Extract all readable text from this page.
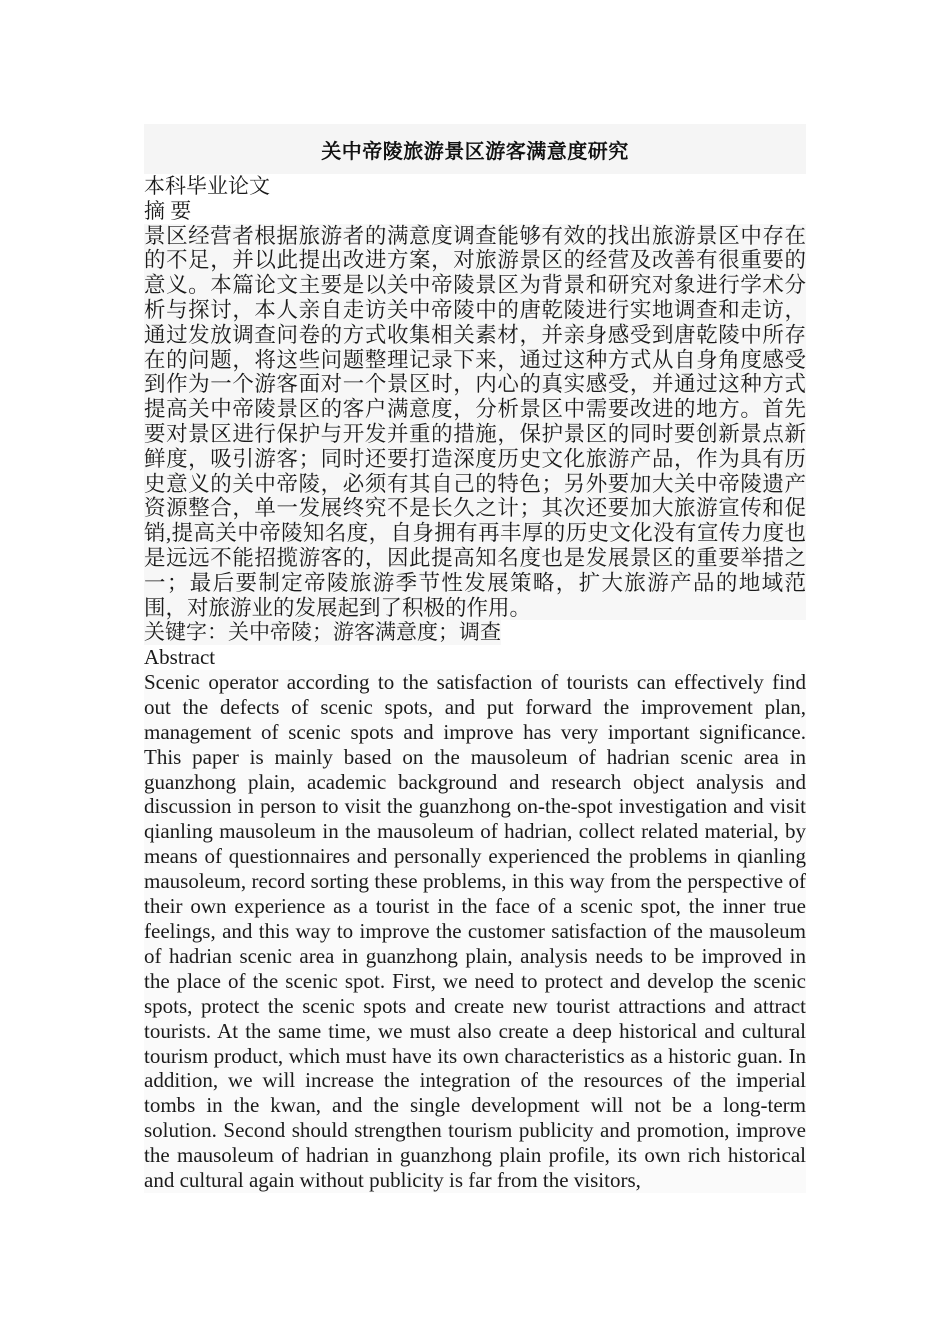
关中帝陵旅游景区游客满意度研究

本科毕业论文

摘 要

景区经营者根据旅游者的满意度调查能够有效的找出旅游景区中存在的不足，并以此提出改进方案，对旅游景区的经营及改善有很重要的意义。本篇论文主要是以关中帝陵景区为背景和研究对象进行学术分析与探讨，本人亲自走访关中帝陵中的唐乾陵进行实地调查和走访，通过发放调查问卷的方式收集相关素材，并亲身感受到唐乾陵中所存在的问题，将这些问题整理记录下来，通过这种方式从自身角度感受到作为一个游客面对一个景区时，内心的真实感受，并通过这种方式提高关中帝陵景区的客户满意度，分析景区中需要改进的地方。首先要对景区进行保护与开发并重的措施，保护景区的同时要创新景点新鲜度，吸引游客；同时还要打造深度历史文化旅游产品，作为具有历史意义的关中帝陵，必须有其自己的特色；另外要加大关中帝陵遗产资源整合，单一发展终究不是长久之计；其次还要加大旅游宣传和促销,提高关中帝陵知名度，自身拥有再丰厚的历史文化没有宣传力度也是远远不能招揽游客的，因此提高知名度也是发展景区的重要举措之一；最后要制定帝陵旅游季节性发展策略，扩大旅游产品的地域范围，对旅游业的发展起到了积极的作用。

关键字：关中帝陵；游客满意度；调查

Abstract

Scenic operator according to the satisfaction of tourists can effectively find out the defects of scenic spots, and put forward the improvement plan, management of scenic spots and improve has very important significance. This paper is mainly based on the mausoleum of hadrian scenic area in guanzhong plain, academic background and research object analysis and discussion in person to visit the guanzhong on-the-spot investigation and visit qianling mausoleum in the mausoleum of hadrian, collect related material, by means of questionnaires and personally experienced the problems in qianling mausoleum, record sorting these problems, in this way from the perspective of their own experience as a tourist in the face of a scenic spot, the inner true feelings, and this way to improve the customer satisfaction of the mausoleum of hadrian scenic area in guanzhong plain, analysis needs to be improved in the place of the scenic spot. First, we need to protect and develop the scenic spots, protect the scenic spots and create new tourist attractions and attract tourists. At the same time, we must also create a deep historical and cultural tourism product, which must have its own characteristics as a historic guan. In addition, we will increase the integration of the resources of the imperial tombs in the kwan, and the single development will not be a long-term solution. Second should strengthen tourism publicity and promotion, improve the mausoleum of hadrian in guanzhong plain profile, its own rich historical and cultural again without publicity is far from the visitors,
